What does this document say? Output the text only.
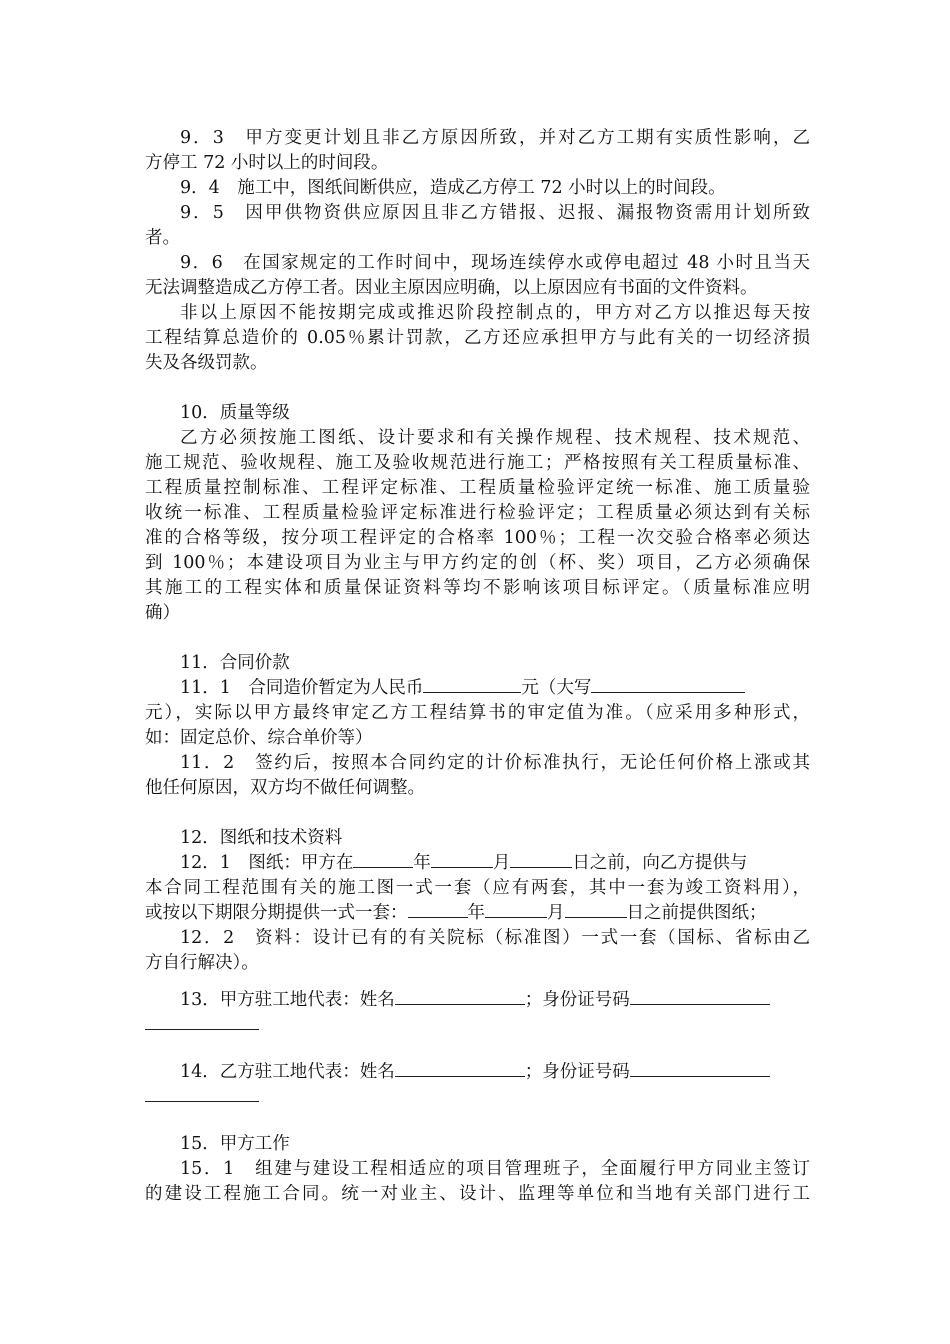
9．3　甲方变更计划且非乙方原因所致，并对乙方工期有实质性影响，乙
方停工 72 小时以上的时间段。
9．4　施工中，图纸间断供应，造成乙方停工 72 小时以上的时间段。
9．5　因甲供物资供应原因且非乙方错报、迟报、漏报物资需用计划所致
者。
9．6　在国家规定的工作时间中，现场连续停水或停电超过 48 小时且当天
无法调整造成乙方停工者。因业主原因应明确，以上原因应有书面的文件资料。
非以上原因不能按期完成或推迟阶段控制点的，甲方对乙方以推迟每天按
工程结算总造价的 0.05％累计罚款，乙方还应承担甲方与此有关的一切经济损
失及各级罚款。
10．质量等级
乙方必须按施工图纸、设计要求和有关操作规程、技术规程、技术规范、
施工规范、验收规程、施工及验收规范进行施工；严格按照有关工程质量标准、
工程质量控制标准、工程评定标准、工程质量检验评定统一标准、施工质量验
收统一标准、工程质量检验评定标准进行检验评定；工程质量必须达到有关标
准的合格等级，按分项工程评定的合格率 100％；工程一次交验合格率必须达
到 100％；本建设项目为业主与甲方约定的创（杯、奖）项目，乙方必须确保
其施工的工程实体和质量保证资料等均不影响该项目标评定。（质量标准应明
确）
11．合同价款
11．1　合同造价暂定为人民币	元（大写
元），实际以甲方最终审定乙方工程结算书的审定值为准。（应采用多种形式，
如：固定总价、综合单价等）
11．2　签约后，按照本合同约定的计价标准执行，无论任何价格上涨或其
他任何原因，双方均不做任何调整。
12．图纸和技术资料
12．1　图纸：甲方在	年	月	日之前，向乙方提供与
本合同工程范围有关的施工图一式一套（应有两套，其中一套为竣工资料用），
或按以下期限分期提供一式一套：	年	月	日之前提供图纸；
12．2　资料：设计已有的有关院标（标准图）一式一套（国标、省标由乙
方自行解决）。
13．甲方驻工地代表：姓名	；身份证号码
14．乙方驻工地代表：姓名	；身份证号码
15．甲方工作
15．1　组建与建设工程相适应的项目管理班子，全面履行甲方同业主签订
的建设工程施工合同。统一对业主、设计、监理等单位和当地有关部门进行工
